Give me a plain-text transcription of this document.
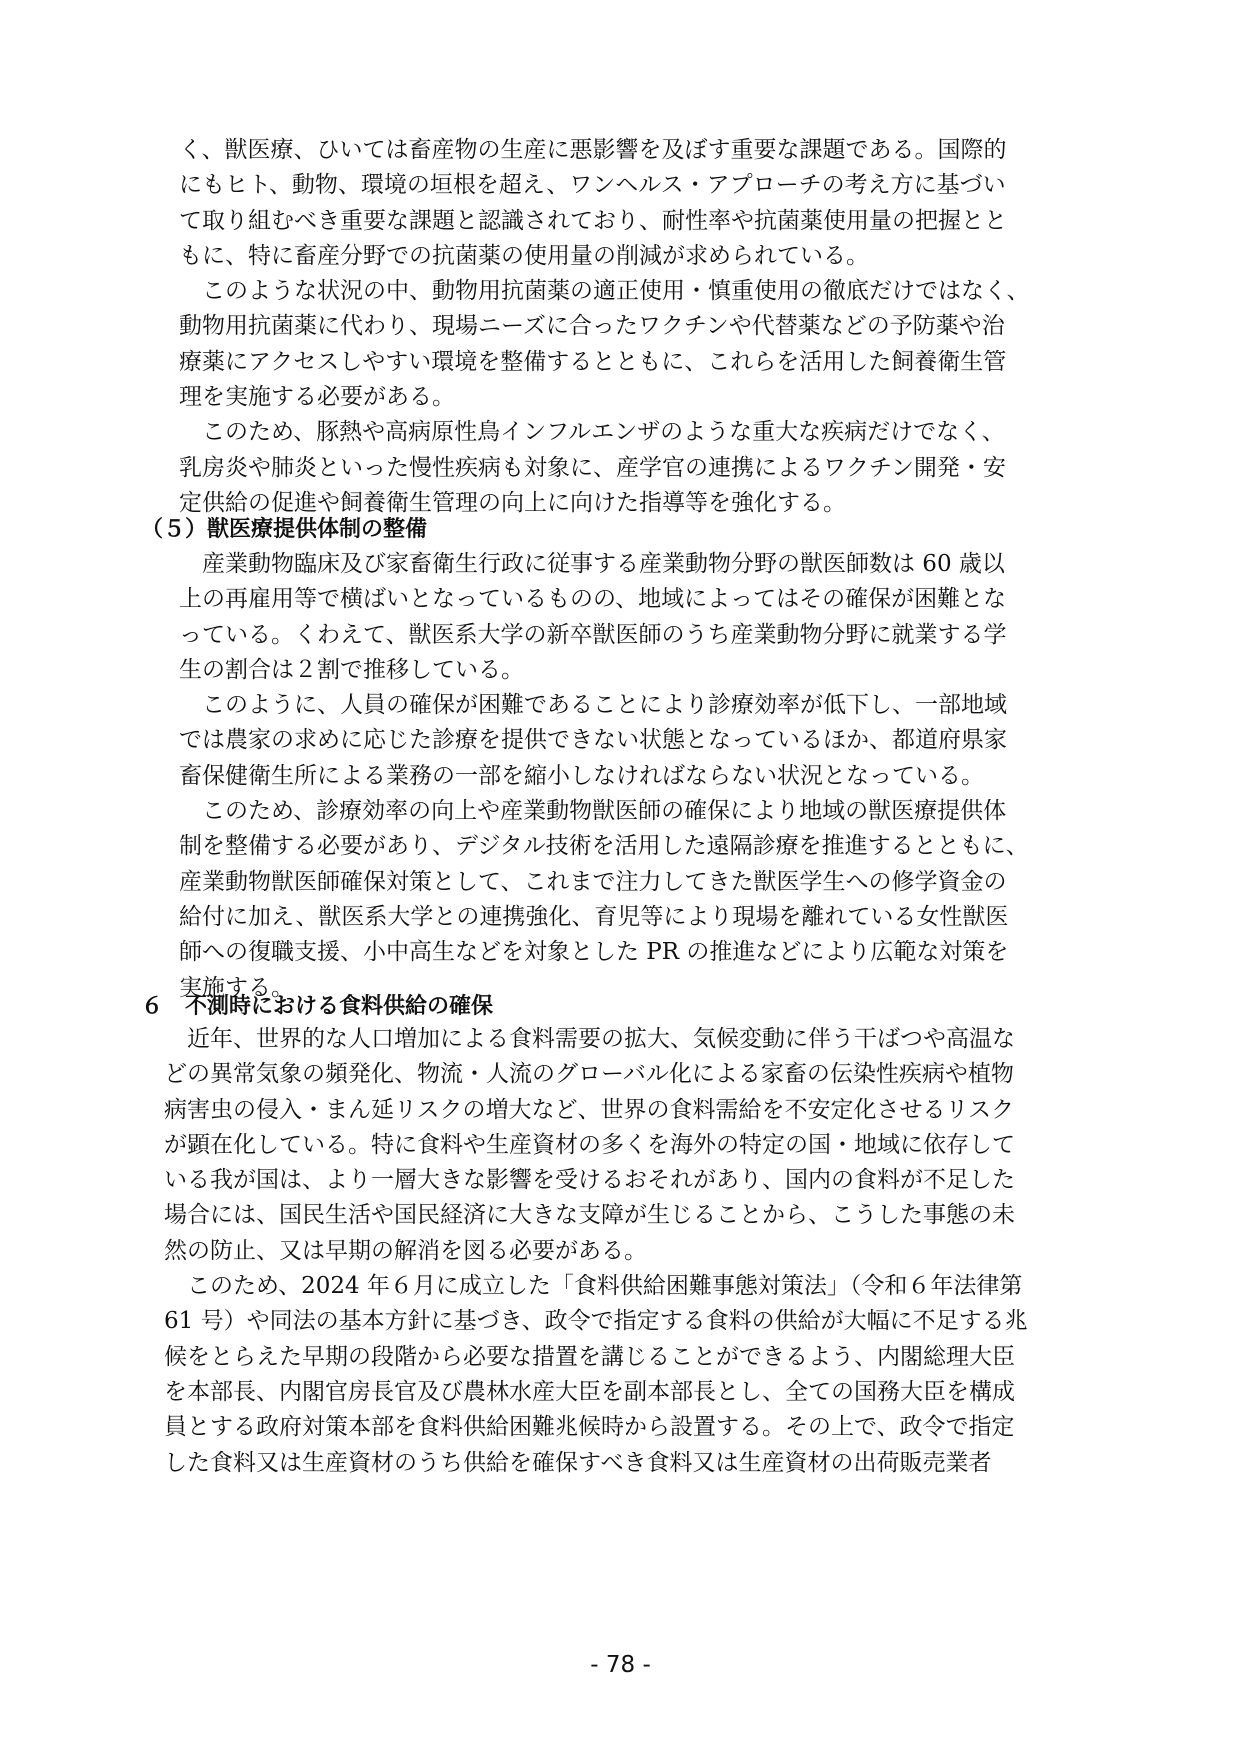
く、獣医療、ひいては畜産物の生産に悪影響を及ぼす重要な課題である。国際的
にもヒト、動物、環境の垣根を超え、ワンヘルス・アプローチの考え方に基づい
て取り組むべき重要な課題と認識されており、耐性率や抗菌薬使用量の把握とと
もに、特に畜産分野での抗菌薬の使用量の削減が求められている。
　このような状況の中、動物用抗菌薬の適正使用・慎重使用の徹底だけではなく、
動物用抗菌薬に代わり、現場ニーズに合ったワクチンや代替薬などの予防薬や治
療薬にアクセスしやすい環境を整備するとともに、これらを活用した飼養衛生管
理を実施する必要がある。
　このため、豚熱や高病原性鳥インフルエンザのような重大な疾病だけでなく、
乳房炎や肺炎といった慢性疾病も対象に、産学官の連携によるワクチン開発・安
定供給の促進や飼養衛生管理の向上に向けた指導等を強化する。
（５）獣医療提供体制の整備
　産業動物臨床及び家畜衛生行政に従事する産業動物分野の獣医師数は 60 歳以
上の再雇用等で横ばいとなっているものの、地域によってはその確保が困難とな
っている。くわえて、獣医系大学の新卒獣医師のうち産業動物分野に就業する学
生の割合は２割で推移している。
　このように、人員の確保が困難であることにより診療効率が低下し、一部地域
では農家の求めに応じた診療を提供できない状態となっているほか、都道府県家
畜保健衛生所による業務の一部を縮小しなければならない状況となっている。
　このため、診療効率の向上や産業動物獣医師の確保により地域の獣医療提供体
制を整備する必要があり、デジタル技術を活用した遠隔診療を推進するとともに、
産業動物獣医師確保対策として、これまで注力してきた獣医学生への修学資金の
給付に加え、獣医系大学との連携強化、育児等により現場を離れている女性獣医
師への復職支援、小中高生などを対象とした PR の推進などにより広範な対策を
実施する。
６　不測時における食料供給の確保
　近年、世界的な人口増加による食料需要の拡大、気候変動に伴う干ばつや高温な
どの異常気象の頻発化、物流・人流のグローバル化による家畜の伝染性疾病や植物
病害虫の侵入・まん延リスクの増大など、世界の食料需給を不安定化させるリスク
が顕在化している。特に食料や生産資材の多くを海外の特定の国・地域に依存して
いる我が国は、より一層大きな影響を受けるおそれがあり、国内の食料が不足した
場合には、国民生活や国民経済に大きな支障が生じることから、こうした事態の未
然の防止、又は早期の解消を図る必要がある。
　このため、2024 年６月に成立した「食料供給困難事態対策法」（令和６年法律第
61 号）や同法の基本方針に基づき、政令で指定する食料の供給が大幅に不足する兆
候をとらえた早期の段階から必要な措置を講じることができるよう、内閣総理大臣
を本部長、内閣官房長官及び農林水産大臣を副本部長とし、全ての国務大臣を構成
員とする政府対策本部を食料供給困難兆候時から設置する。その上で、政令で指定
した食料又は生産資材のうち供給を確保すべき食料又は生産資材の出荷販売業者
- 78 -
